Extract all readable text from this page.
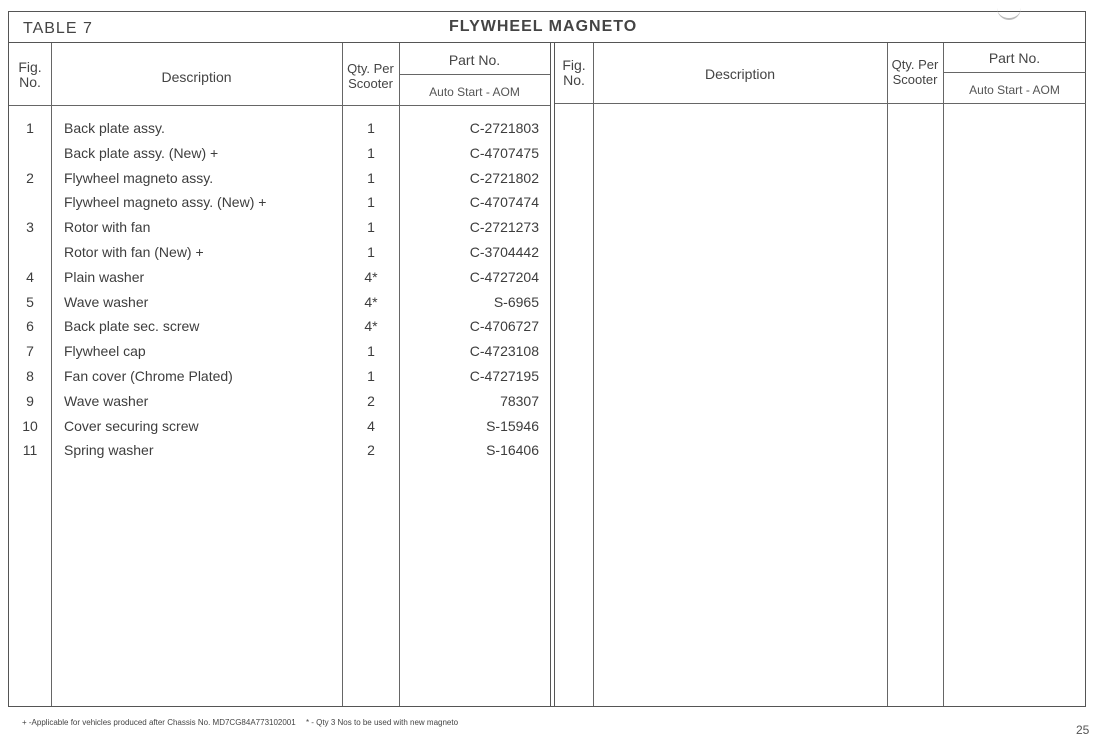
TABLE 7	FLYWHEEL MAGNETO
Fig.
No.	Description
Qty. Per
Scooter
Part No.
Auto Start - AOM
1	Back plate assy.	1	C-2721803
Back plate assy. (New) +	1	C-4707475
2	Flywheel magneto assy.	1	C-2721802
Flywheel magneto assy. (New) +	1	C-4707474
3	Rotor with fan	1	C-2721273
Rotor with fan (New) +	1	C-3704442
4	Plain washer	4*	C-4727204
5	Wave washer	4*	S-6965
6	Back plate sec. screw	4*	C-4706727
7	Flywheel cap	1	C-4723108
8	Fan cover (Chrome Plated)	1	C-4727195
9	Wave washer	2	78307
10	Cover securing screw	4	S-15946
11	Spring washer	2	S-16406
Fig.
No.	Description
Qty. Per
Scooter
Part No.
Auto Start - AOM
+ -Applicable for vehicles produced after Chassis No. MD7CG84A773102001 * - Qty 3 Nos to be used with new magneto
25
